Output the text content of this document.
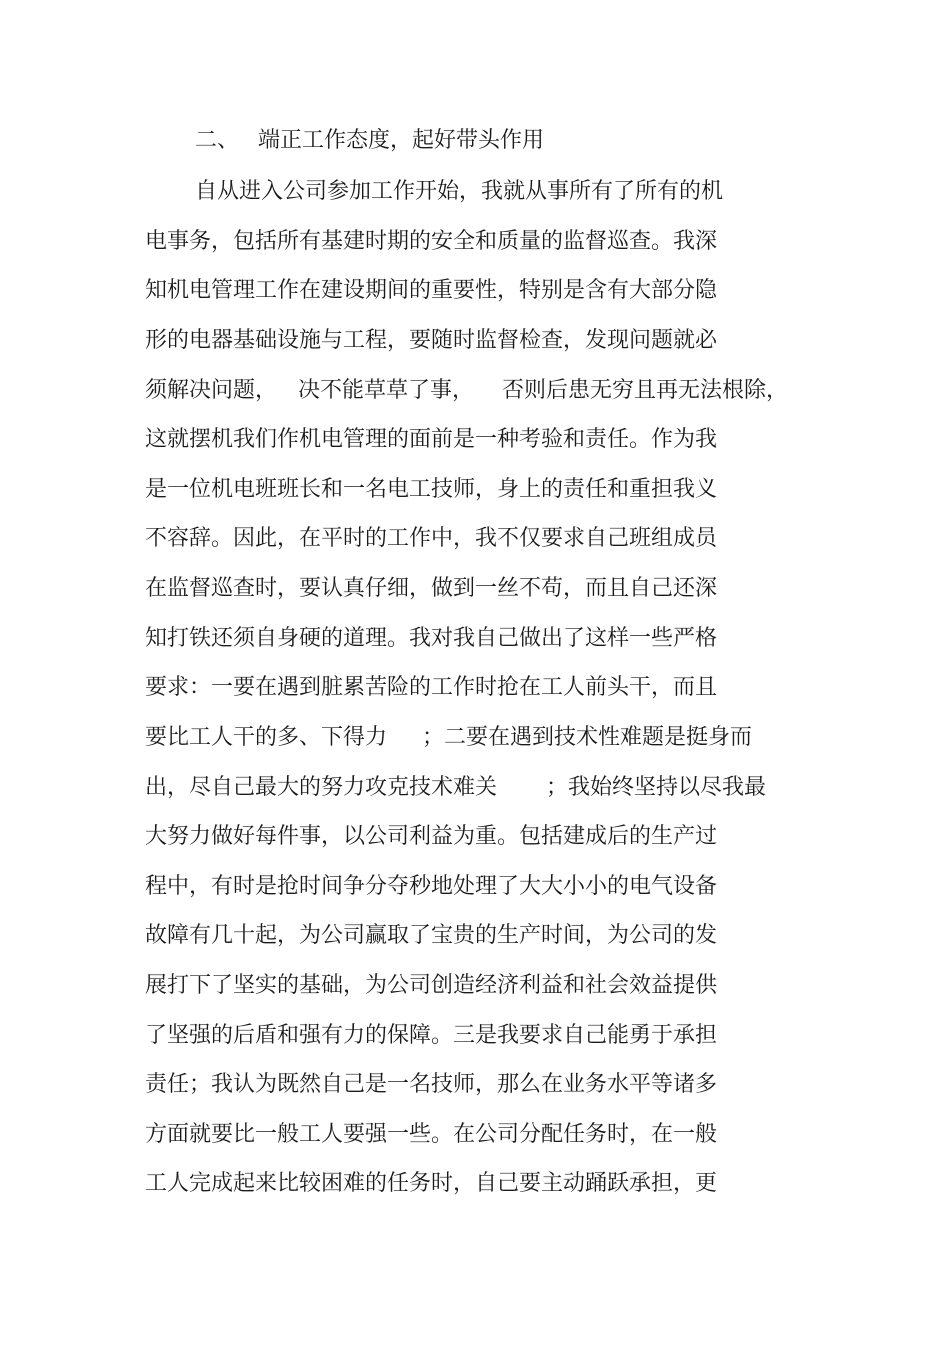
二、 端正工作态度，起好带头作用
自从进入公司参加工作开始，我就从事所有了所有的机
电事务，包括所有基建时期的安全和质量的监督巡查。我深
知机电管理工作在建设期间的重要性，特别是含有大部分隐
形的电器基础设施与工程，要随时监督检查，发现问题就必
须解决问题，   决不能草草了事，    否则后患无穷且再无法根除，
这就摆机我们作机电管理的面前是一种考验和责任。作为我
是一位机电班班长和一名电工技师，身上的责任和重担我义
不容辞。因此，在平时的工作中，我不仅要求自己班组成员
在监督巡查时，要认真仔细，做到一丝不苟，而且自己还深
知打铁还须自身硬的道理。我对我自己做出了这样一些严格
要求：一要在遇到脏累苦险的工作时抢在工人前头干，而且
要比工人干的多、下得力     ；二要在遇到技术性难题是挺身而
出，尽自己最大的努力攻克技术难关       ；我始终坚持以尽我最
大努力做好每件事，以公司利益为重。包括建成后的生产过
程中，有时是抢时间争分夺秒地处理了大大小小的电气设备
故障有几十起，为公司赢取了宝贵的生产时间，为公司的发
展打下了坚实的基础，为公司创造经济利益和社会效益提供
了坚强的后盾和强有力的保障。三是我要求自己能勇于承担
责任；我认为既然自己是一名技师，那么在业务水平等诸多
方面就要比一般工人要强一些。在公司分配任务时，在一般
工人完成起来比较困难的任务时，自己要主动踊跃承担，更
